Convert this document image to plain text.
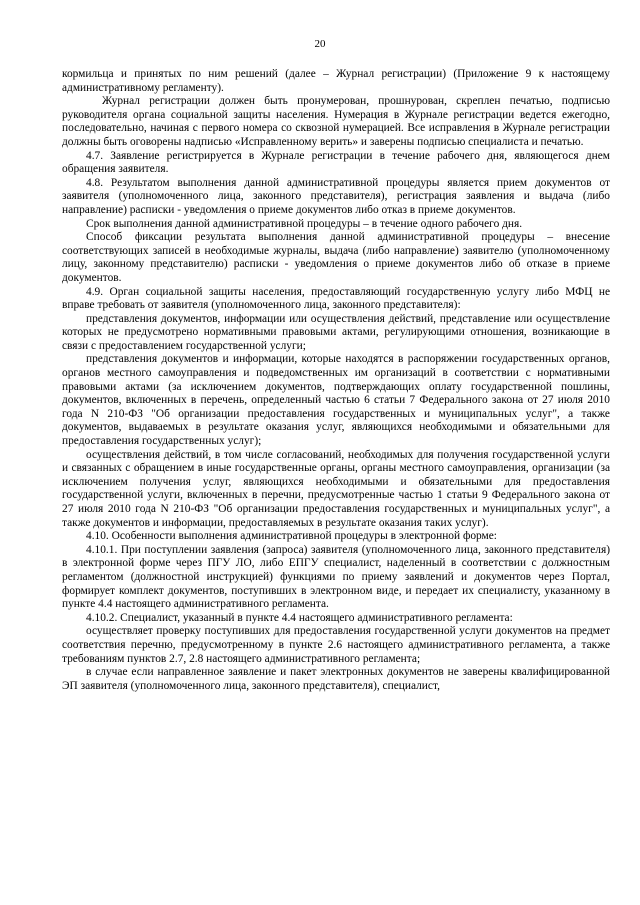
20

кормильца и принятых по ним решений (далее – Журнал регистрации) (Приложение 9 к настоящему административному регламенту).

Журнал регистрации должен быть пронумерован, прошнурован, скреплен печатью, подписью руководителя органа социальной защиты населения. Нумерация в Журнале регистрации ведется ежегодно, последовательно, начиная с первого номера со сквозной нумерацией. Все исправления в Журнале регистрации должны быть оговорены надписью «Исправленному верить» и заверены подписью специалиста и печатью.

4.7. Заявление регистрируется в Журнале регистрации в течение рабочего дня, являющегося днем обращения заявителя.

4.8. Результатом выполнения данной административной процедуры является прием документов от заявителя (уполномоченного лица, законного представителя), регистрация заявления и выдача (либо направление) расписки - уведомления о приеме документов либо отказ в приеме документов.

Срок выполнения данной административной процедуры – в течение одного рабочего дня.

Способ фиксации результата выполнения данной административной процедуры – внесение соответствующих записей в необходимые журналы, выдача (либо направление) заявителю (уполномоченному лицу, законному представителю) расписки - уведомления о приеме документов либо об отказе в приеме документов.

4.9. Орган социальной защиты населения, предоставляющий государственную услугу либо МФЦ не вправе требовать от заявителя (уполномоченного лица, законного представителя):

представления документов, информации или осуществления действий, представление или осуществление которых не предусмотрено нормативными правовыми актами, регулирующими отношения, возникающие в связи с предоставлением государственной услуги;

представления документов и информации, которые находятся в распоряжении государственных органов, органов местного самоуправления и подведомственных им организаций в соответствии с нормативными правовыми актами (за исключением документов, подтверждающих оплату государственной пошлины, документов, включенных в перечень, определенный частью 6 статьи 7 Федерального закона от 27 июля 2010 года N 210-ФЗ "Об организации предоставления государственных и муниципальных услуг", а также документов, выдаваемых в результате оказания услуг, являющихся необходимыми и обязательными для предоставления государственных услуг);

осуществления действий, в том числе согласований, необходимых для получения государственной услуги и связанных с обращением в иные государственные органы, органы местного самоуправления, организации (за исключением получения услуг, являющихся необходимыми и обязательными для предоставления государственной услуги, включенных в перечни, предусмотренные частью 1 статьи 9 Федерального закона от 27 июля 2010 года N 210-ФЗ "Об организации предоставления государственных и муниципальных услуг", а также документов и информации, предоставляемых в результате оказания таких услуг).

4.10. Особенности выполнения административной процедуры в электронной форме:

4.10.1. При поступлении заявления (запроса) заявителя (уполномоченного лица, законного представителя) в электронной форме через ПГУ ЛО, либо ЕПГУ специалист, наделенный в соответствии с должностным регламентом (должностной инструкцией) функциями по приему заявлений и документов через Портал, формирует комплект документов, поступивших в электронном виде, и передает их специалисту, указанному в пункте 4.4 настоящего административного регламента.

4.10.2. Специалист, указанный в пункте 4.4 настоящего административного регламента:

осуществляет проверку поступивших для предоставления государственной услуги документов на предмет соответствия перечню, предусмотренному в пункте 2.6 настоящего административного регламента, а также требованиям пунктов 2.7, 2.8 настоящего административного регламента;

в случае если направленное заявление и пакет электронных документов не заверены квалифицированной ЭП заявителя (уполномоченного лица, законного представителя), специалист,
